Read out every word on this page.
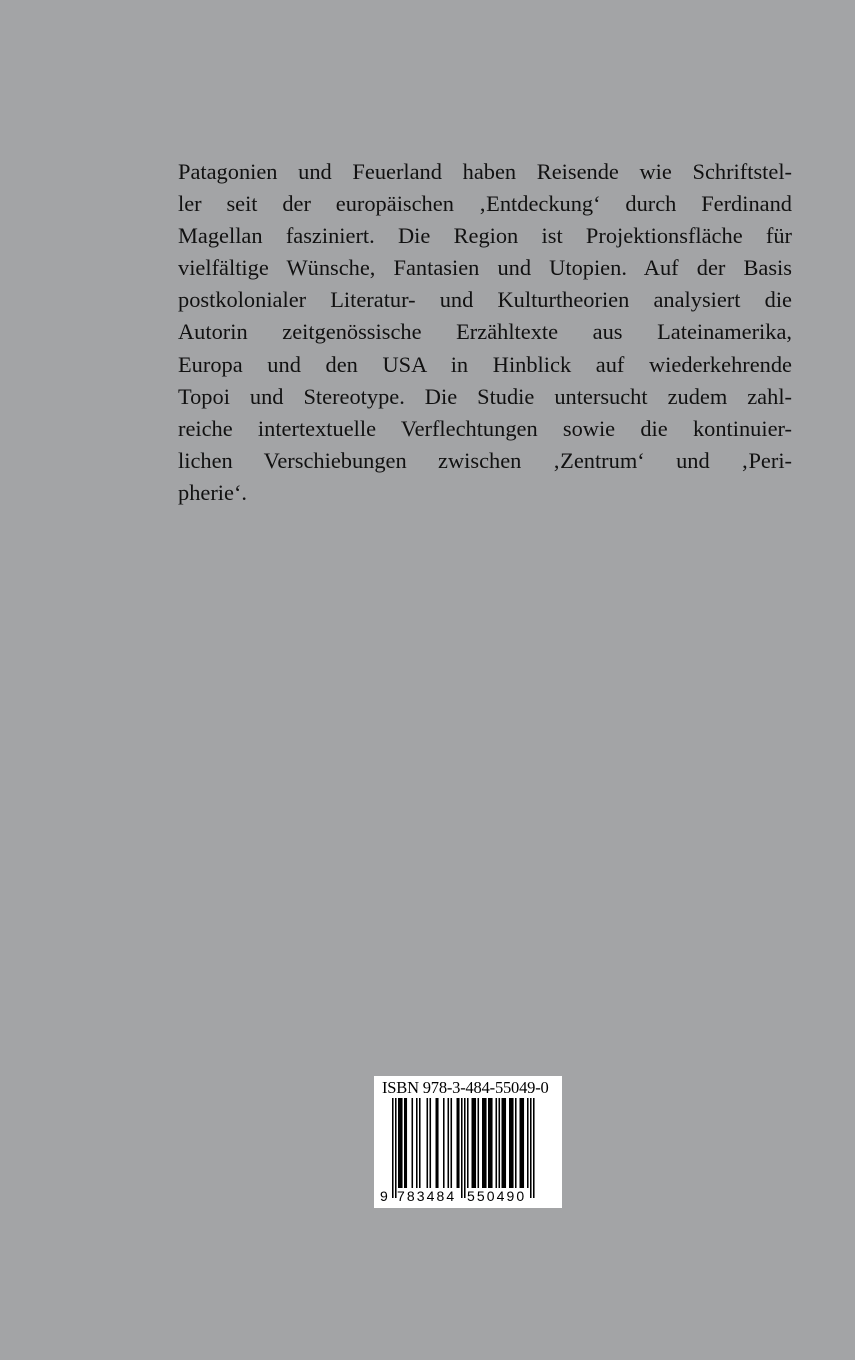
Patagonien und Feuerland haben Reisende wie Schriftstel-
ler seit der europäischen ‚Entdeckung‘ durch Ferdinand
Magellan fasziniert. Die Region ist Projektionsfläche für
vielfältige Wünsche, Fantasien und Utopien. Auf der Basis
postkolonialer Literatur- und Kulturtheorien analysiert die
Autorin zeitgenössische Erzähltexte aus Lateinamerika,
Europa und den USA in Hinblick auf wiederkehrende
Topoi und Stereotype. Die Studie untersucht zudem zahl-
reiche intertextuelle Verflechtungen sowie die kontinuier-
lichen Verschiebungen zwischen ‚Zentrum‘ und ‚Peri-
pherie‘.
ISBN 978-3-484-55049-0
9 783484 550490
